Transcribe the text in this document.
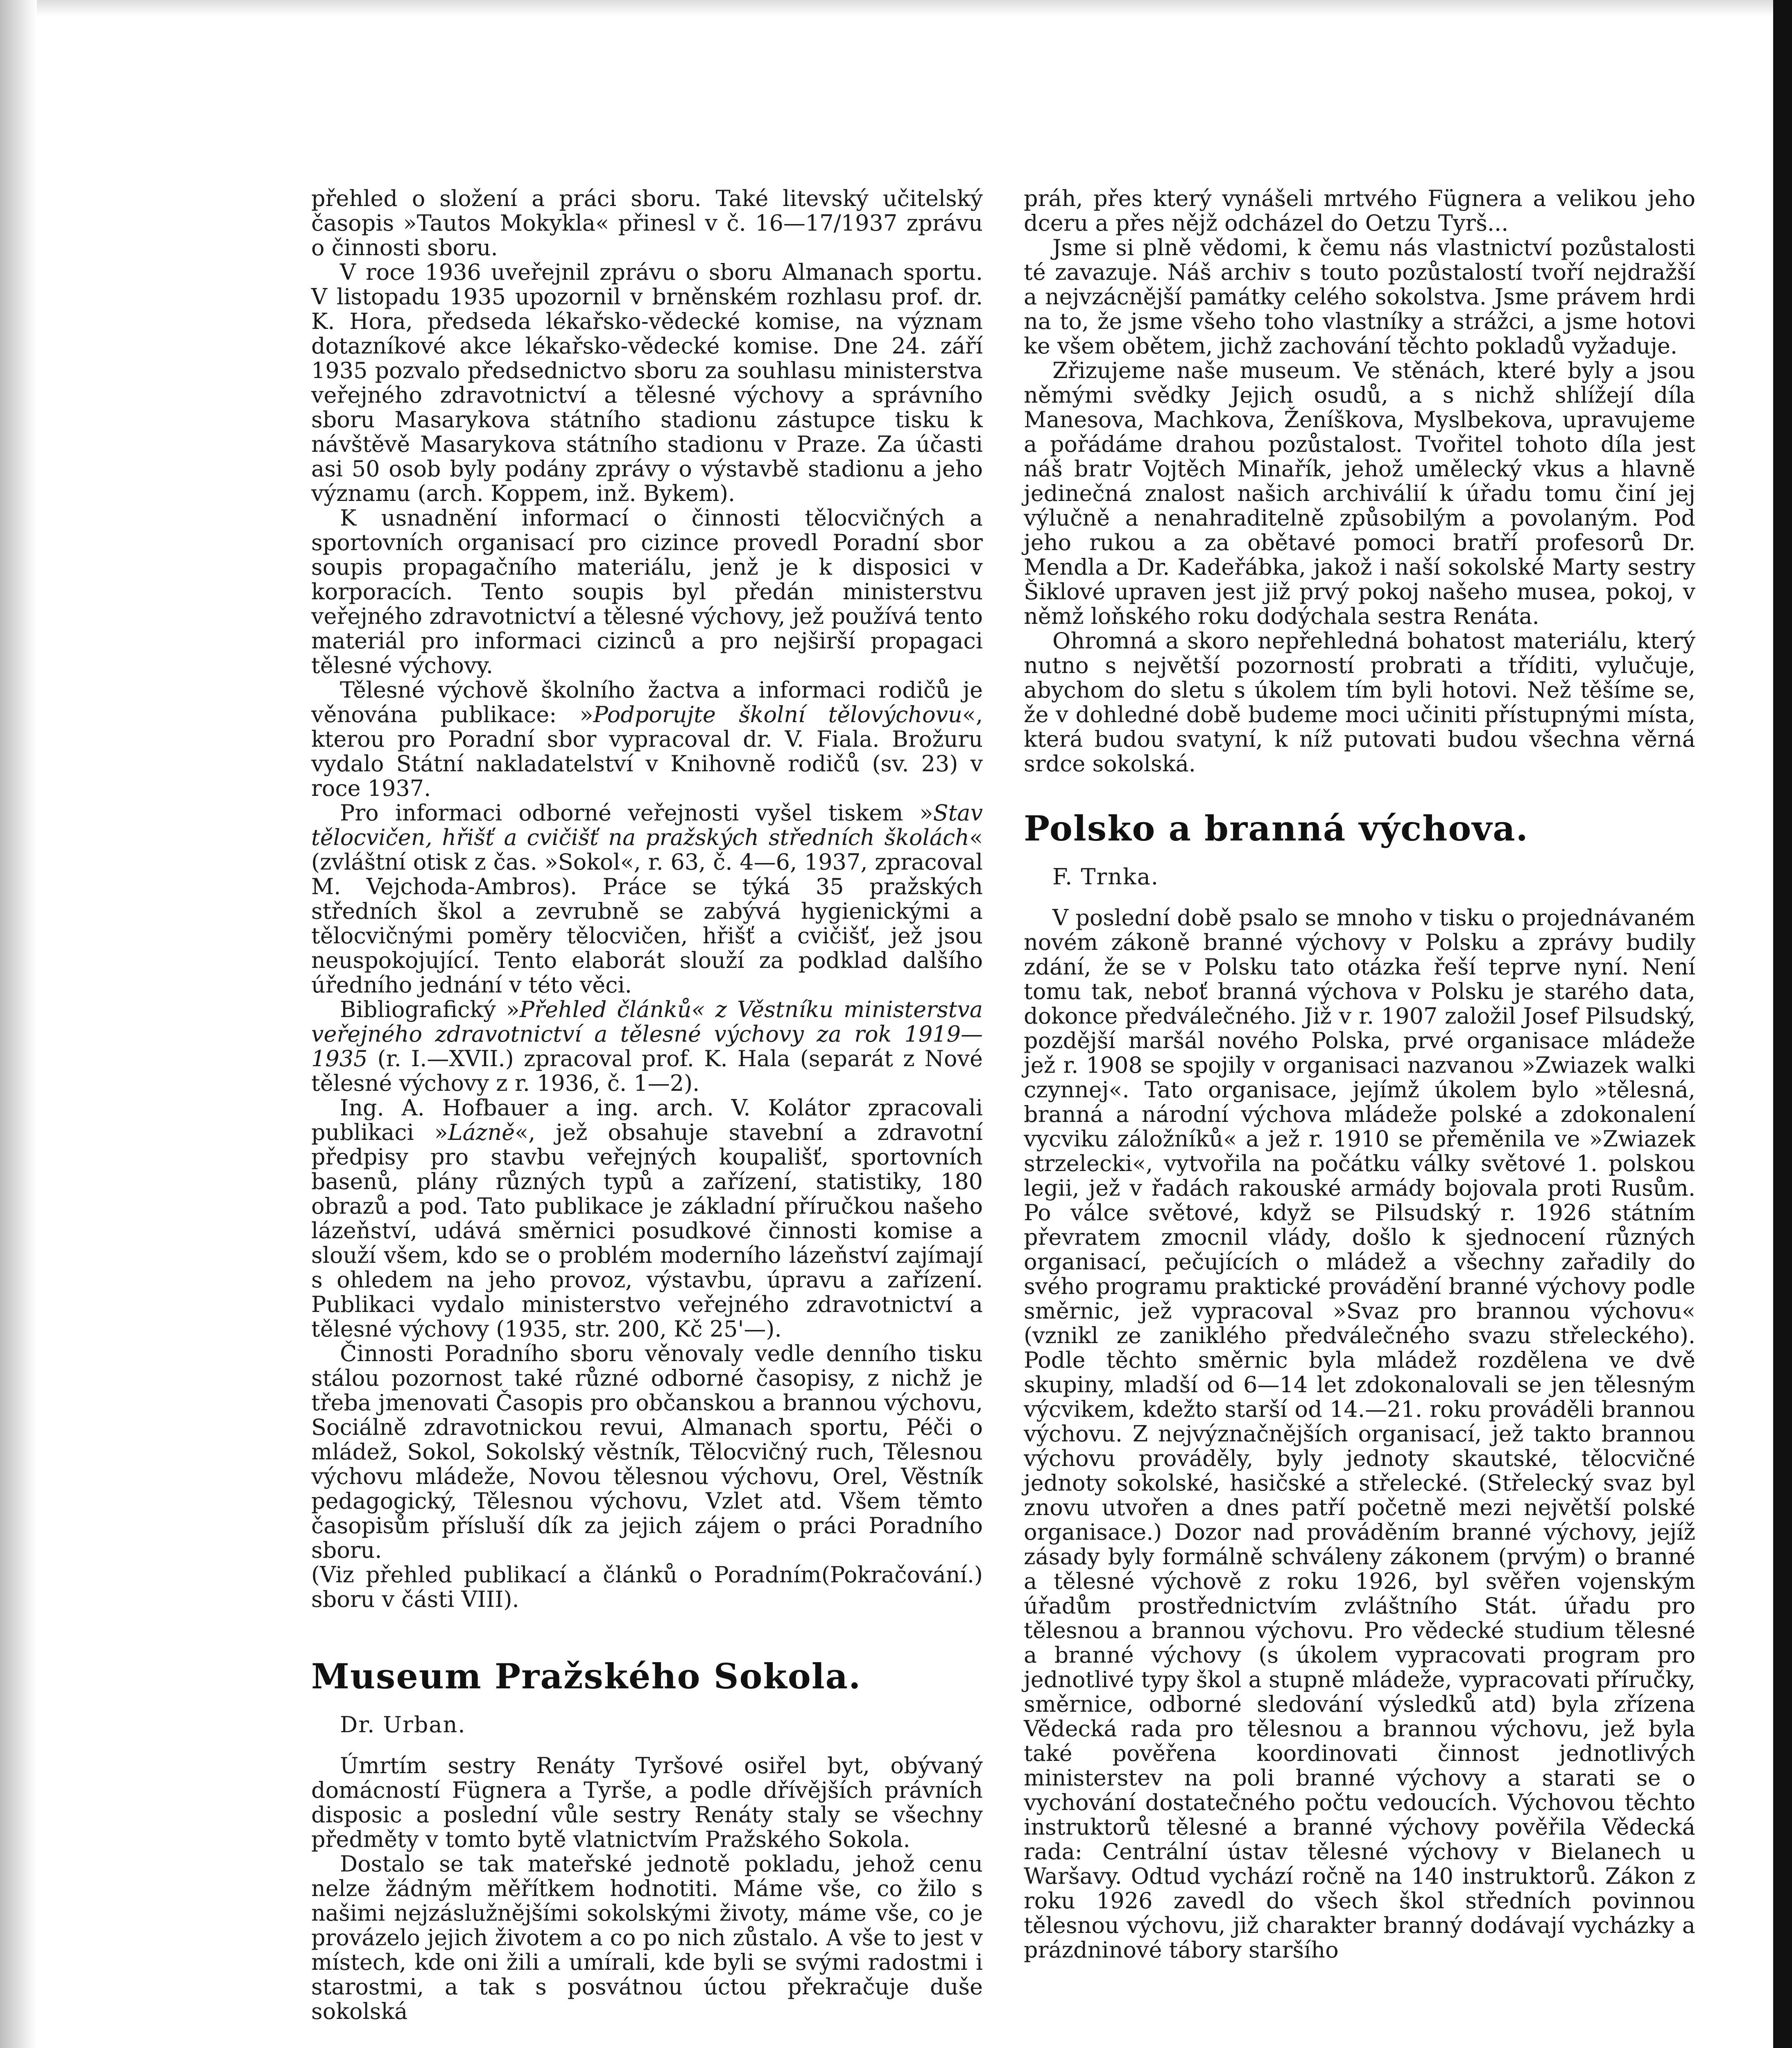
přehled o složení a práci sboru. Také litevský učitelský časopis »Tautos Mokykla« přinesl v č. 16—17/1937 zprávu o činnosti sboru.

V roce 1936 uveřejnil zprávu o sboru Almanach sportu. V listopadu 1935 upozornil v brněnském rozhlasu prof. dr. K. Hora, předseda lékařsko-vědecké komise, na význam dotazníkové akce lékařsko-vědecké komise. Dne 24. září 1935 pozvalo předsednictvo sboru za souhlasu ministerstva veřejného zdravotnictví a tělesné výchovy a správního sboru Masarykova státního stadionu zástupce tisku k návštěvě Masarykova státního stadionu v Praze. Za účasti asi 50 osob byly podány zprávy o výstavbě stadionu a jeho významu (arch. Koppem, inž. Bykem).

K usnadnění informací o činnosti tělocvičných a sportovních organisací pro cizince provedl Poradní sbor soupis propagačního materiálu, jenž je k disposici v korporacích. Tento soupis byl předán ministerstvu veřejného zdravotnictví a tělesné výchovy, jež používá tento materiál pro informaci cizinců a pro nejširší propagaci tělesné výchovy.

Tělesné výchově školního žactva a informaci rodičů je věnována publikace: »Podporujte školní tělovýchovu«, kterou pro Poradní sbor vypracoval dr. V. Fiala. Brožuru vydalo Státní nakladatelství v Knihovně rodičů (sv. 23) v roce 1937.

Pro informaci odborné veřejnosti vyšel tiskem »Stav tělocvičen, hřišť a cvičišť na pražských středních školách« (zvláštní otisk z čas. »Sokol«, r. 63, č. 4—6, 1937, zpracoval M. Vejchoda-Ambros). Práce se týká 35 pražských středních škol a zevrubně se zabývá hygienickými a tělocvičnými poměry tělocvičen, hřišť a cvičišť, jež jsou neuspokojující. Tento elaborát slouží za podklad dalšího úředního jednání v této věci.

Bibliografický »Přehled článků« z Věstníku ministerstva veřejného zdravotnictví a tělesné výchovy za rok 1919—1935 (r. I.—XVII.) zpracoval prof. K. Hala (separát z Nové tělesné výchovy z r. 1936, č. 1—2).

Ing. A. Hofbauer a ing. arch. V. Kolátor zpracovali publikaci »Lázně«, jež obsahuje stavební a zdravotní předpisy pro stavbu veřejných koupališť, sportovních basenů, plány různých typů a zařízení, statistiky, 180 obrazů a pod. Tato publikace je základní příručkou našeho lázeňství, udává směrnici posudkové činnosti komise a slouží všem, kdo se o problém moderního lázeňství zajímají s ohledem na jeho provoz, výstavbu, úpravu a zařízení. Publikaci vydalo ministerstvo veřejného zdravotnictví a tělesné výchovy (1935, str. 200, Kč 25'—).

Činnosti Poradního sboru věnovaly vedle denního tisku stálou pozornost také různé odborné časopisy, z nichž je třeba jmenovati Časopis pro občanskou a brannou výchovu, Sociálně zdravotnickou revui, Almanach sportu, Péči o mládež, Sokol, Sokolský věstník, Tělocvičný ruch, Tělesnou výchovu mládeže, Novou tělesnou výchovu, Orel, Věstník pedagogický, Tělesnou výchovu, Vzlet atd. Všem těmto časopisům přísluší dík za jejich zájem o práci Poradního sboru.

(Viz přehled publikací a článků o Poradním sboru v části VIII).
(Pokračování.)
Museum Pražského Sokola.

Dr. Urban.

Úmrtím sestry Renáty Tyršové osiřel byt, obývaný domácností Fügnera a Tyrše, a podle dřívějších právních disposic a poslední vůle sestry Renáty staly se všechny předměty v tomto bytě vlatnictvím Pražského Sokola.

Dostalo se tak mateřské jednotě pokladu, jehož cenu nelze žádným měřítkem hodnotiti. Máme vše, co žilo s našimi nejzáslužnějšími sokolskými životy, máme vše, co je provázelo jejich životem a co po nich zůstalo. A vše to jest v místech, kde oni žili a umírali, kde byli se svými radostmi i starostmi, a tak s posvátnou úctou překračuje duše sokolská

práh, přes který vynášeli mrtvého Fügnera a velikou jeho dceru a přes nějž odcházel do Oetzu Tyrš...

Jsme si plně vědomi, k čemu nás vlastnictví pozůstalosti té zavazuje. Náš archiv s touto pozůstalostí tvoří nejdražší a nejvzácnější památky celého sokolstva. Jsme právem hrdi na to, že jsme všeho toho vlastníky a strážci, a jsme hotovi ke všem obětem, jichž zachování těchto pokladů vyžaduje.

Zřizujeme naše museum. Ve stěnách, které byly a jsou němými svědky Jejich osudů, a s nichž shlížejí díla Manesova, Machkova, Ženíškova, Myslbekova, upravujeme a pořádáme drahou pozůstalost. Tvořitel tohoto díla jest náš bratr Vojtěch Minařík, jehož umělecký vkus a hlavně jedinečná znalost našich archiválií k úřadu tomu činí jej výlučně a nenahraditelně způsobilým a povolaným. Pod jeho rukou a za obětavé pomoci bratří profesorů Dr. Mendla a Dr. Kadeřábka, jakož i naší sokolské Marty sestry Šiklové upraven jest již prvý pokoj našeho musea, pokoj, v němž loňského roku dodýchala sestra Renáta.

Ohromná a skoro nepřehledná bohatost materiálu, který nutno s největší pozorností probrati a tříditi, vylučuje, abychom do sletu s úkolem tím byli hotovi. Než těšíme se, že v dohledné době budeme moci učiniti přístupnými místa, která budou svatyní, k níž putovati budou všechna věrná srdce sokolská.

Polsko a branná výchova.

F. Trnka.

V poslední době psalo se mnoho v tisku o projednávaném novém zákoně branné výchovy v Polsku a zprávy budily zdání, že se v Polsku tato otázka řeší teprve nyní. Není tomu tak, neboť branná výchova v Polsku je starého data, dokonce předválečného. Již v r. 1907 založil Josef Pilsudský, pozdější maršál nového Polska, prvé organisace mládeže jež r. 1908 se spojily v organisaci nazvanou »Zwiazek walki czynnej«. Tato organisace, jejímž úkolem bylo »tělesná, branná a národní výchova mládeže polské a zdokonalení vycviku záložníků« a jež r. 1910 se přeměnila ve »Zwiazek strzelecki«, vytvořila na počátku války světové 1. polskou legii, jež v řadách rakouské armády bojovala proti Rusům. Po válce světové, když se Pilsudský r. 1926 státním převratem zmocnil vlády, došlo k sjednocení různých organisací, pečujících o mládež a všechny zařadily do svého programu praktické provádění branné výchovy podle směrnic, jež vypracoval »Svaz pro brannou výchovu« (vznikl ze zaniklého předválečného svazu střeleckého). Podle těchto směrnic byla mládež rozdělena ve dvě skupiny, mladší od 6—14 let zdokonalovali se jen tělesným výcvikem, kdežto starší od 14.—21. roku prováděli brannou výchovu. Z nejvýznačnějších organisací, jež takto brannou výchovu prováděly, byly jednoty skautské, tělocvičné jednoty sokolské, hasičské a střelecké. (Střelecký svaz byl znovu utvořen a dnes patří početně mezi největší polské organisace.) Dozor nad prováděním branné výchovy, jejíž zásady byly formálně schváleny zákonem (prvým) o branné a tělesné výchově z roku 1926, byl svěřen vojenským úřadům prostřednictvím zvláštního Stát. úřadu pro tělesnou a brannou výchovu. Pro vědecké studium tělesné a branné výchovy (s úkolem vypracovati program pro jednotlivé typy škol a stupně mládeže, vypracovati příručky, směrnice, odborné sledování výsledků atd) byla zřízena Vědecká rada pro tělesnou a brannou výchovu, jež byla také pověřena koordinovati činnost jednotlivých ministerstev na poli branné výchovy a starati se o vychování dostatečného počtu vedoucích. Výchovou těchto instruktorů tělesné a branné výchovy pověřila Vědecká rada: Centrální ústav tělesné výchovy v Bielanech u Waršavy. Odtud vychází ročně na 140 instruktorů. Zákon z roku 1926 zavedl do všech škol středních povinnou tělesnou výchovu, již charakter branný dodávají vycházky a prázdninové tábory staršího
